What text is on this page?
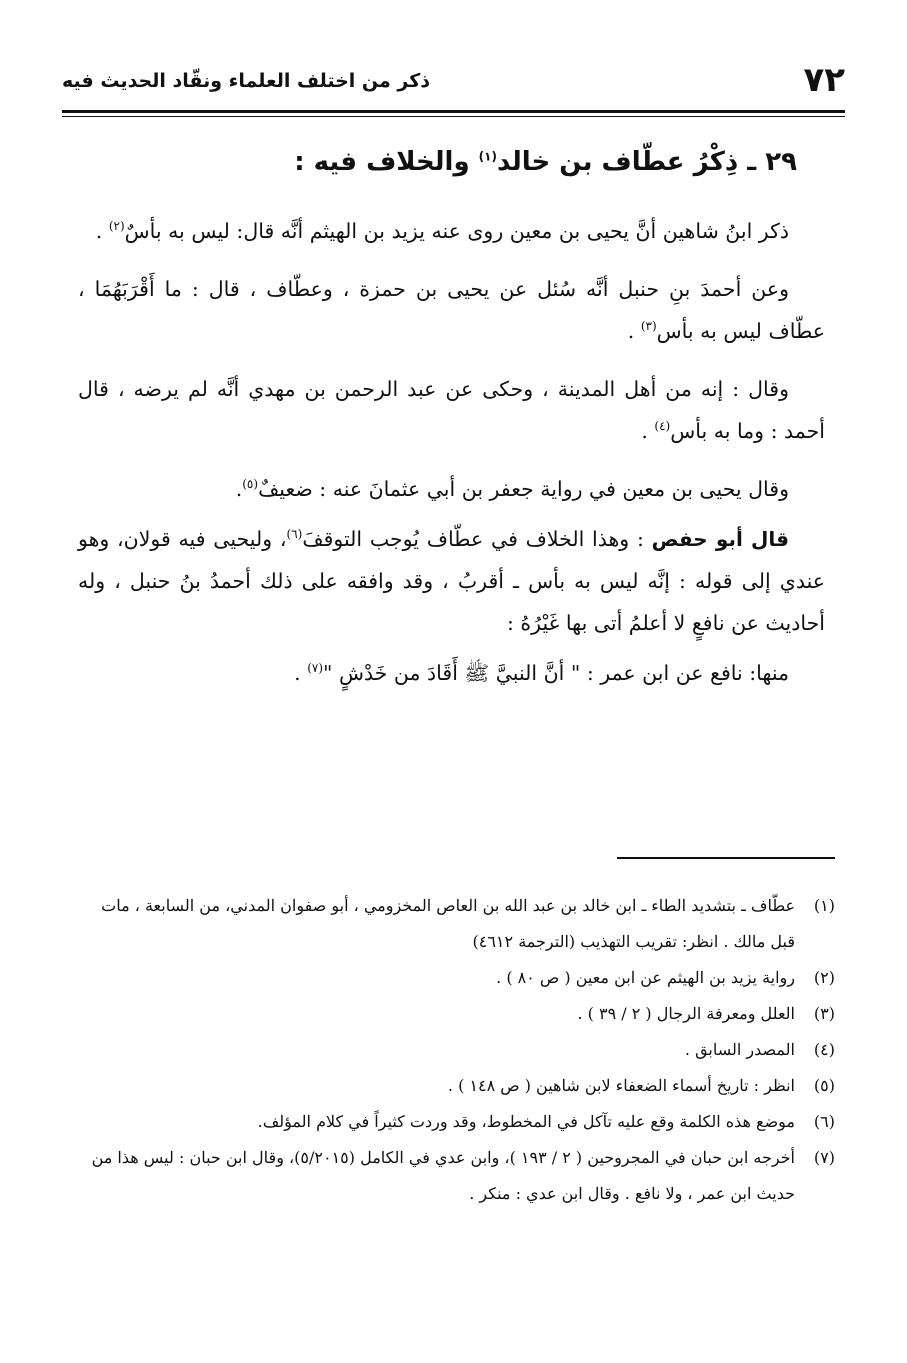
٧٢
ذكر من اختلف العلماء ونقّاد الحديث فيه
٢٩ ـ ذِكْرُ عطّاف بن خالد$^{(١)}$ والخلاف فيه :

ذكر ابنُ شاهين أنَّ يحيى بن معين روى عنه يزيد بن الهيثم أنَّه قال: ليس به بأسٌ$^{(٢)}$ .

وعن أحمدَ بنِ حنبل أنَّه سُئل عن يحيى بن حمزة ، وعطّاف ، قال : ما أَقْرَبَهُمَا ، عطّاف ليس به بأس$^{(٣)}$ .

وقال : إنه من أهل المدينة ، وحكى عن عبد الرحمن بن مهدي أنَّه لم يرضه ، قال أحمد : وما به بأس$^{(٤)}$ .

وقال يحيى بن معين في رواية جعفر بن أبي عثمانَ عنه : ضعيفٌ$^{(٥)}$.

قال أبو حفص : وهذا الخلاف في عطّاف يُوجب التوقفَ$^{(٦)}$، وليحيى فيه قولان، وهو عندي إلى قوله : إنَّه ليس به بأس ـ أقربُ ، وقد وافقه على ذلك أحمدُ بنُ حنبل ، وله أحاديث عن نافعٍ لا أعلمُ أتى بها غَيْرُهُ :

منها: نافع عن ابن عمر : " أنَّ النبيَّ ﷺ أَقَادَ من خَدْشٍ "$^{(٧)}$ .

(١)عطّاف ـ بتشديد الطاء ـ ابن خالد بن عبد الله بن العاص المخزومي ، أبو صفوان المدني، من السابعة ، مات قبل مالك . انظر: تقريب التهذيب (الترجمة ٤٦١٢)

(٢)رواية يزيد بن الهيثم عن ابن معين ( ص ٨٠ ) .

(٣)العلل ومعرفة الرجال ( ٢ / ٣٩ ) .

(٤)المصدر السابق .

(٥)انظر : تاريخ أسماء الضعفاء لابن شاهين ( ص ١٤٨ ) .

(٦)موضع هذه الكلمة وقع عليه تآكل في المخطوط، وقد وردت كثيراً في كلام المؤلف.

(٧)أخرجه ابن حبان في المجروحين ( ٢ / ١٩٣ )، وابن عدي في الكامل (٥/٢٠١٥)، وقال ابن حبان : ليس هذا من حديث ابن عمر ، ولا نافع . وقال ابن عدي : منكر .
